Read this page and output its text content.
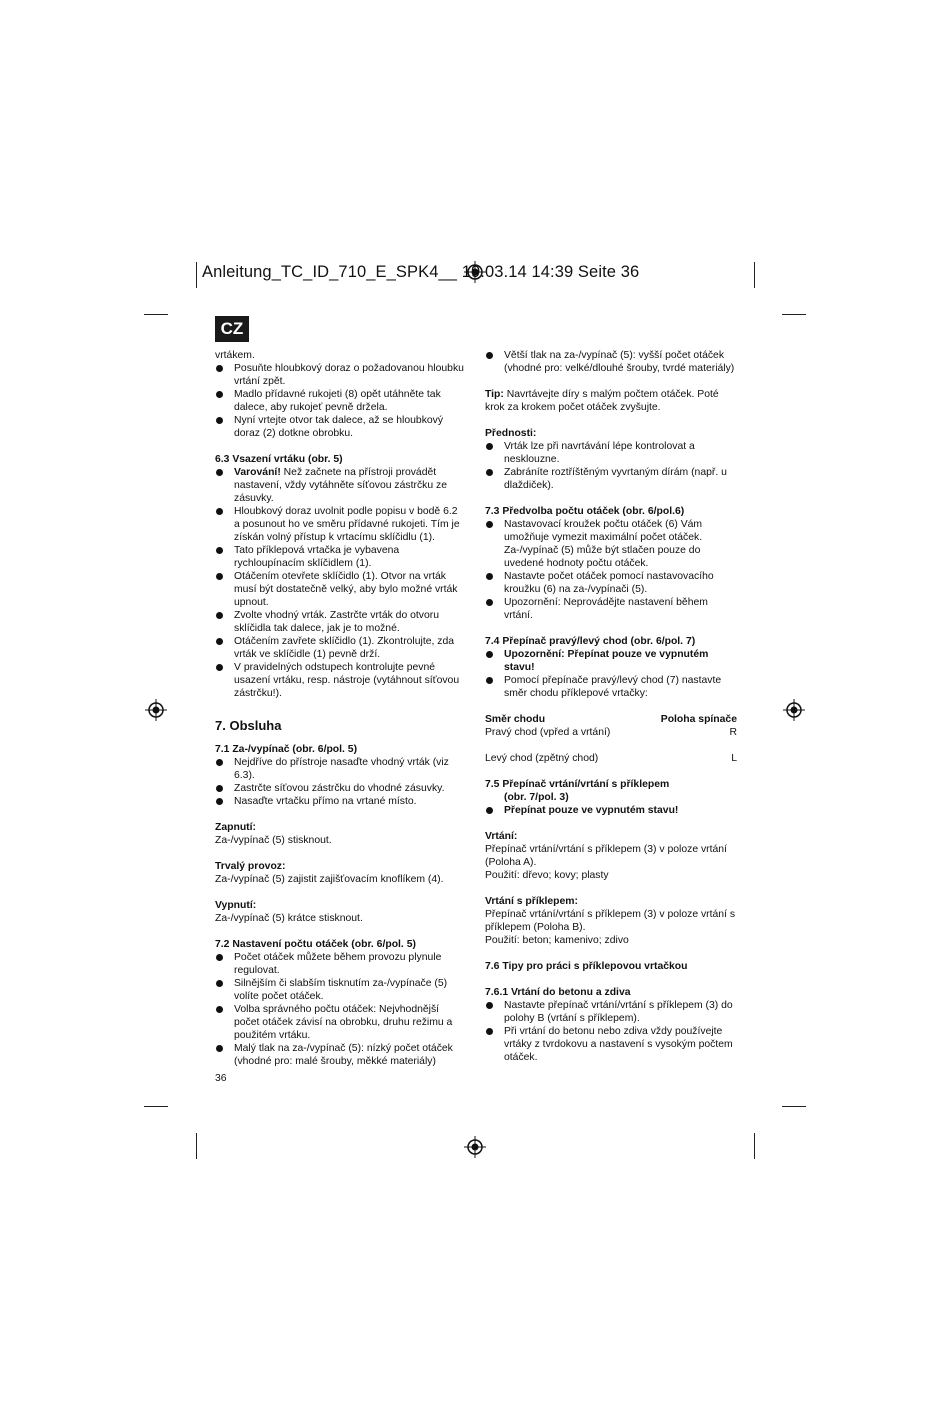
Anleitung_TC_ID_710_E_SPK4__ 19.03.14 14:39 Seite 36
CZ

vrtákem.

Posuňte hloubkový doraz o požadovanou hloubku vrtání zpět.

Madlo přídavné rukojeti (8) opět utáhněte tak dalece, aby rukojeť pevně držela.

Nyní vrtejte otvor tak dalece, až se hloubkový doraz (2) dotkne obrobku.

6.3 Vsazení vrtáku (obr. 5)

Varování! Než začnete na přístroji provádět nastavení, vždy vytáhněte síťovou zástrčku ze zásuvky.

Hloubkový doraz uvolnit podle popisu v bodě 6.2 a posunout ho ve směru přídavné rukojeti. Tím je získán volný přístup k vrtacímu sklíčidlu (1).

Tato příklepová vrtačka je vybavena rychloupínacím sklíčidlem (1).

Otáčením otevřete sklíčidlo (1). Otvor na vrták musí být dostatečně velký, aby bylo možné vrták upnout.

Zvolte vhodný vrták. Zastrčte vrták do otvoru sklíčidla tak dalece, jak je to možné.

Otáčením zavřete sklíčidlo (1). Zkontrolujte, zda vrták ve sklíčidle (1) pevně drží.

V pravidelných odstupech kontrolujte pevné usazení vrtáku, resp. nástroje (vytáhnout síťovou zástrčku!).

7. Obsluha

7.1 Za-/vypínač (obr. 6/pol. 5)

Nejdříve do přístroje nasaďte vhodný vrták (viz 6.3).

Zastrčte síťovou zástrčku do vhodné zásuvky.

Nasaďte vrtačku přímo na vrtané místo.

Zapnutí:

Za-/vypínač (5) stisknout.

Trvalý provoz:

Za-/vypínač (5) zajistit zajišťovacím knoflíkem (4).

Vypnutí:

Za-/vypínač (5) krátce stisknout.

7.2 Nastavení počtu otáček (obr. 6/pol. 5)

Počet otáček můžete během provozu plynule regulovat.

Silnějším či slabším tisknutím za-/vypínače (5) volíte počet otáček.

Volba správného počtu otáček: Nejvhodnější počet otáček závisí na obrobku, druhu režimu a použitém vrtáku.

Malý tlak na za-/vypínač (5): nízký počet otáček (vhodné pro: malé šrouby, měkké materiály)

Větší tlak na za-/vypínač (5): vyšší počet otáček (vhodné pro: velké/dlouhé šrouby, tvrdé materiály)

Tip: Navrtávejte díry s malým počtem otáček. Poté krok za krokem počet otáček zvyšujte.

Přednosti:

Vrták lze při navrtávání lépe kontrolovat a nesklouzne.

Zabráníte roztříštěným vyvrtaným dírám (např. u dlaždiček).

7.3 Předvolba počtu otáček (obr. 6/pol.6)

Nastavovací kroužek počtu otáček (6) Vám umožňuje vymezit maximální počet otáček. Za-/vypínač (5) může být stlačen pouze do uvedené hodnoty počtu otáček.

Nastavte počet otáček pomocí nastavovacího kroužku (6) na za-/vypínači (5).

Upozornění: Neprovádějte nastavení během vrtání.

7.4 Přepínač pravý/levý chod (obr. 6/pol. 7)

Upozornění: Přepínat pouze ve vypnutém stavu!

Pomocí přepínače pravý/levý chod (7) nastavte směr chodu příklepové vrtačky:

Směr chodu	Poloha spínače
Pravý chod (vpřed a vrtání)	R
Levý chod (zpětný chod)	L

7.5 Přepínač vrtání/vrtání s příklepem

(obr. 7/pol. 3)

Přepínat pouze ve vypnutém stavu!

Vrtání:

Přepínač vrtání/vrtání s příklepem (3) v poloze vrtání (Poloha A).

Použití: dřevo; kovy; plasty

Vrtání s příklepem:

Přepínač vrtání/vrtání s příklepem (3) v poloze vrtání s příklepem (Poloha B).

Použití: beton; kamenivo; zdivo

7.6 Tipy pro práci s příklepovou vrtačkou

7.6.1 Vrtání do betonu a zdiva

Nastavte přepínač vrtání/vrtání s příklepem (3) do polohy B (vrtání s příklepem).

Při vrtání do betonu nebo zdiva vždy používejte vrtáky z tvrdokovu a nastavení s vysokým počtem otáček.

36
